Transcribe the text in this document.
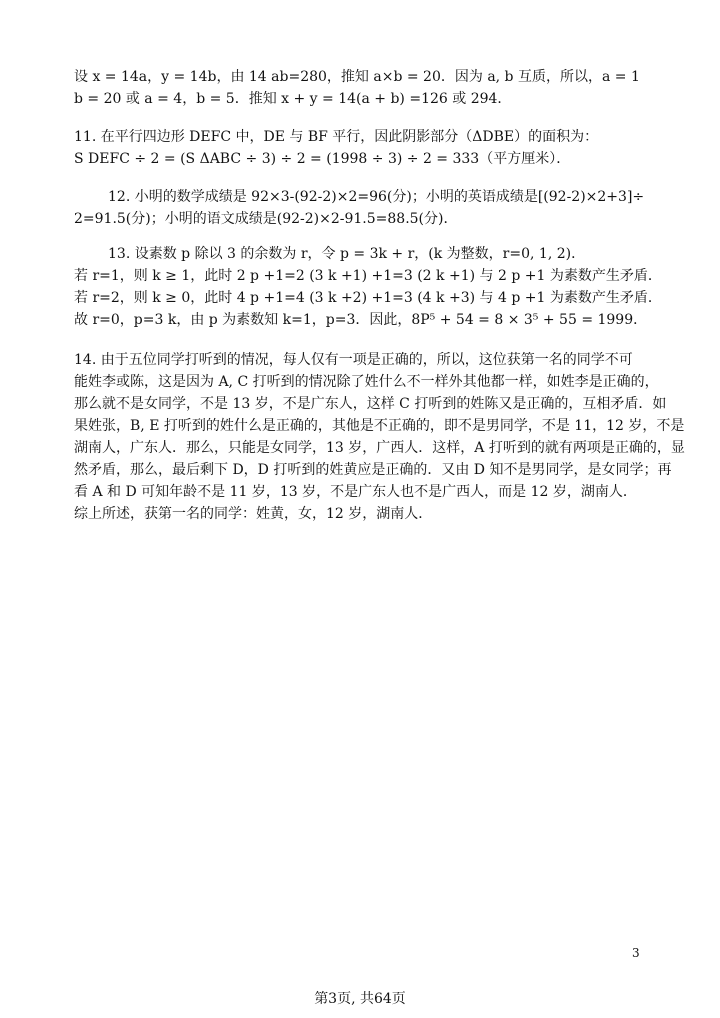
设 x = 14a，y = 14b，由 14 ab=280，推知 a×b = 20．因为 a, b 互质，所以，a = 1
b = 20 或 a = 4，b = 5．推知 x + y = 14(a + b) =126 或 294．
11. 在平行四边形 DEFC 中，DE 与 BF 平行，因此阴影部分（ΔDBE）的面积为：
S DEFC ÷ 2 = (S ΔABC ÷ 3) ÷ 2 = (1998 ÷ 3) ÷ 2 = 333（平方厘米）．
12. 小明的数学成绩是 92×3-(92-2)×2=96(分)；小明的英语成绩是[(92-2)×2+3]÷
2=91.5(分)；小明的语文成绩是(92-2)×2-91.5=88.5(分)．
13. 设素数 p 除以 3 的余数为 r，令 p = 3k + r，(k 为整数，r=0, 1, 2)．
若 r=1，则 k ≥ 1，此时 2 p +1=2 (3 k +1) +1=3 (2 k +1) 与 2 p +1 为素数产生矛盾．
若 r=2，则 k ≥ 0，此时 4 p +1=4 (3 k +2) +1=3 (4 k +3) 与 4 p +1 为素数产生矛盾．
故 r=0，p=3 k，由 p 为素数知 k=1，p=3．因此，8P⁵ + 54 = 8 × 3⁵ + 55 = 1999．
14. 由于五位同学打听到的情况，每人仅有一项是正确的，所以，这位获第一名的同学不可
能姓李或陈，这是因为 A, C 打听到的情况除了姓什么不一样外其他都一样，如姓李是正确的，
那么就不是女同学，不是 13 岁，不是广东人，这样 C 打听到的姓陈又是正确的，互相矛盾．如
果姓张，B, E 打听到的姓什么是正确的，其他是不正确的，即不是男同学，不是 11，12 岁，不是
湖南人，广东人．那么，只能是女同学，13 岁，广西人．这样，A 打听到的就有两项是正确的，显
然矛盾，那么，最后剩下 D，D 打听到的姓黄应是正确的．又由 D 知不是男同学，是女同学；再
看 A 和 D 可知年龄不是 11 岁，13 岁，不是广东人也不是广西人，而是 12 岁，湖南人．
综上所述，获第一名的同学：姓黄，女，12 岁，湖南人．
3
第3页, 共64页
